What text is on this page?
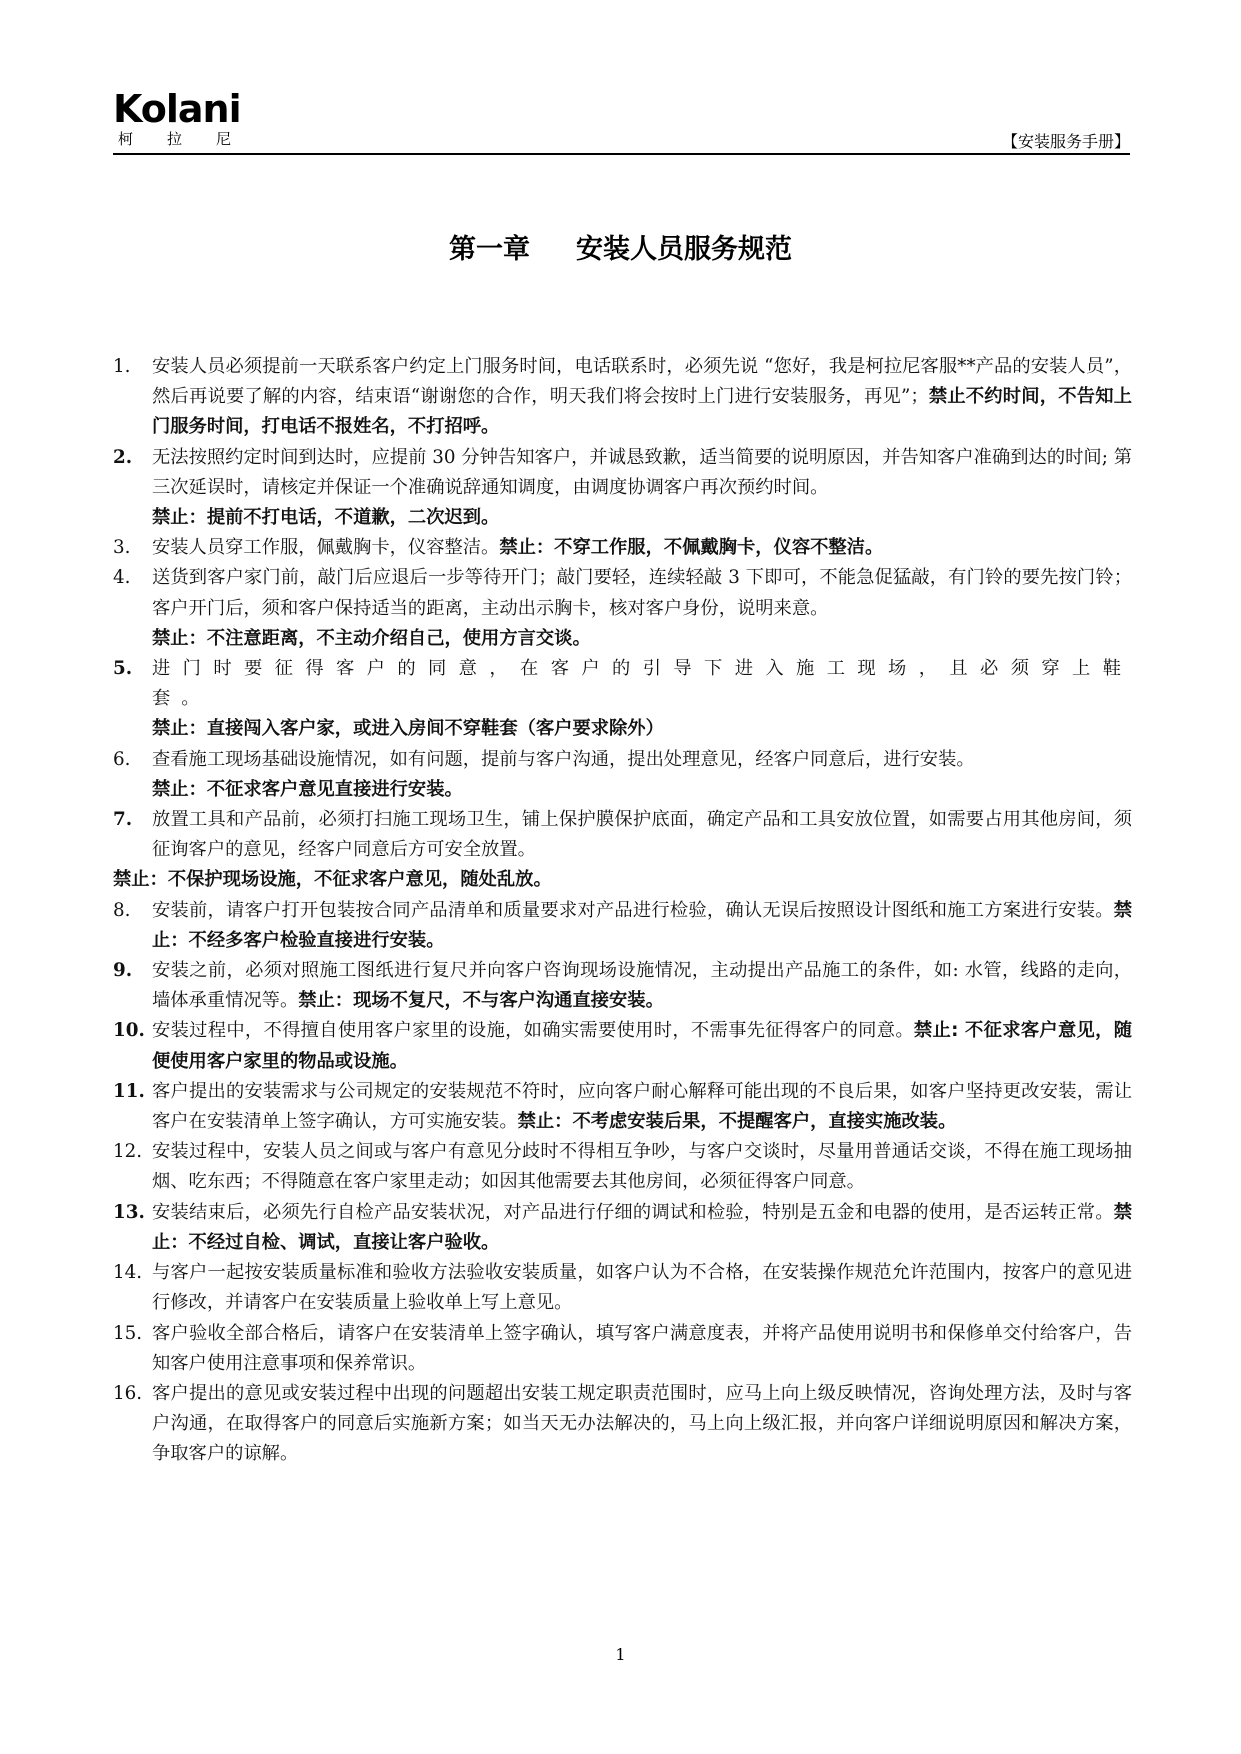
Kolani
柯拉尼	【安装服务手册】
第一章 安装人员服务规范
1. 安装人员必须提前一天联系客户约定上门服务时间，电话联系时，必须先说 “您好，我是柯拉尼客服**产品的安装人员”，然后再说要了解的内容，结束语“谢谢您的合作，明天我们将会按时上门进行安装服务，再见”；禁止不约时间，不告知上门服务时间，打电话不报姓名，不打招呼。
2. 无法按照约定时间到达时，应提前 30 分钟告知客户，并诚恳致歉，适当简要的说明原因，并告知客户准确到达的时间; 第三次延误时，请核定并保证一个准确说辞通知调度，由调度协调客户再次预约时间。
禁止：提前不打电话，不道歉，二次迟到。
3. 安装人员穿工作服，佩戴胸卡，仪容整洁。禁止：不穿工作服，不佩戴胸卡，仪容不整洁。
4. 送货到客户家门前，敲门后应退后一步等待开门；敲门要轻，连续轻敲 3 下即可，不能急促猛敲，有门铃的要先按门铃；客户开门后，须和客户保持适当的距离，主动出示胸卡，核对客户身份，说明来意。
禁止：不注意距离，不主动介绍自己，使用方言交谈。
5. 进门时要征得客户的同意，在客户的引导下进入施工现场，且必须穿上鞋套。
禁止：直接闯入客户家，或进入房间不穿鞋套（客户要求除外）
6. 查看施工现场基础设施情况，如有问题，提前与客户沟通，提出处理意见，经客户同意后，进行安装。
禁止：不征求客户意见直接进行安装。
7. 放置工具和产品前，必须打扫施工现场卫生，铺上保护膜保护底面，确定产品和工具安放位置，如需要占用其他房间，须征询客户的意见，经客户同意后方可安全放置。
禁止：不保护现场设施，不征求客户意见，随处乱放。
8. 安装前，请客户打开包装按合同产品清单和质量要求对产品进行检验，确认无误后按照设计图纸和施工方案进行安装。禁止：不经多客户检验直接进行安装。
9. 安装之前，必须对照施工图纸进行复尺并向客户咨询现场设施情况，主动提出产品施工的条件，如: 水管，线路的走向，墙体承重情况等。禁止：现场不复尺，不与客户沟通直接安装。
10. 安装过程中，不得擅自使用客户家里的设施，如确实需要使用时，不需事先征得客户的同意。禁止: 不征求客户意见，随便使用客户家里的物品或设施。
11. 客户提出的安装需求与公司规定的安装规范不符时，应向客户耐心解释可能出现的不良后果，如客户坚持更改安装，需让客户在安装清单上签字确认，方可实施安装。禁止：不考虑安装后果，不提醒客户，直接实施改装。
12. 安装过程中，安装人员之间或与客户有意见分歧时不得相互争吵，与客户交谈时，尽量用普通话交谈，不得在施工现场抽烟、吃东西；不得随意在客户家里走动；如因其他需要去其他房间，必须征得客户同意。
13. 安装结束后，必须先行自检产品安装状况，对产品进行仔细的调试和检验，特别是五金和电器的使用，是否运转正常。禁止：不经过自检、调试，直接让客户验收。
14. 与客户一起按安装质量标准和验收方法验收安装质量，如客户认为不合格，在安装操作规范允许范围内，按客户的意见进行修改，并请客户在安装质量上验收单上写上意见。
15. 客户验收全部合格后，请客户在安装清单上签字确认，填写客户满意度表，并将产品使用说明书和保修单交付给客户，告知客户使用注意事项和保养常识。
16. 客户提出的意见或安装过程中出现的问题超出安装工规定职责范围时，应马上向上级反映情况，咨询处理方法，及时与客户沟通，在取得客户的同意后实施新方案；如当天无办法解决的，马上向上级汇报，并向客户详细说明原因和解决方案，争取客户的谅解。
1
